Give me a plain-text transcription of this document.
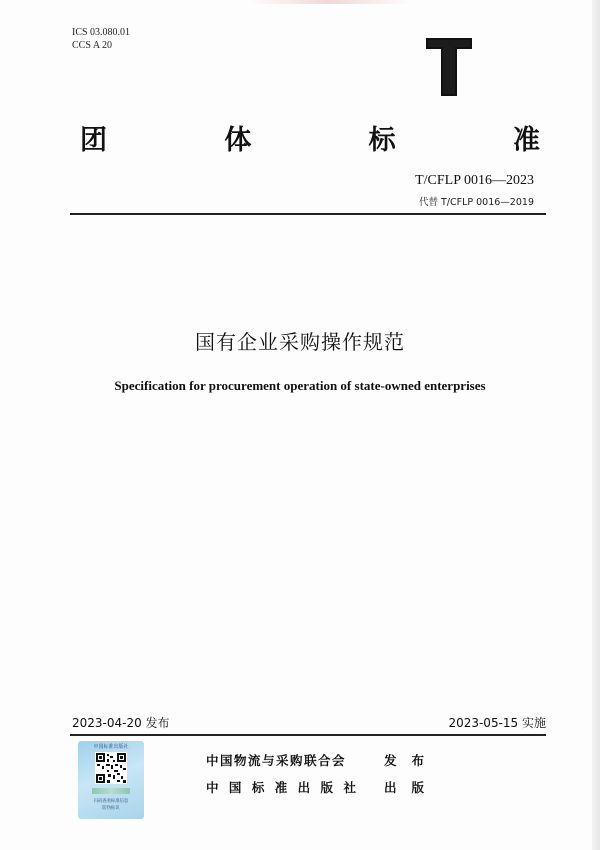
ICS 03.080.01
CCS A 20
团	体	标	准
T/CFLP 0016—2023
代替 T/CFLP 0016—2019
国有企业采购操作规范
Specification for procurement operation of state-owned enterprises
2023-04-20 发布	2023-05-15 实施
中国标准出版社
扫码查看标准信息
防伪标识
中国物流与采购联合会	发 布
中 国 标 准 出 版 社 出 版
